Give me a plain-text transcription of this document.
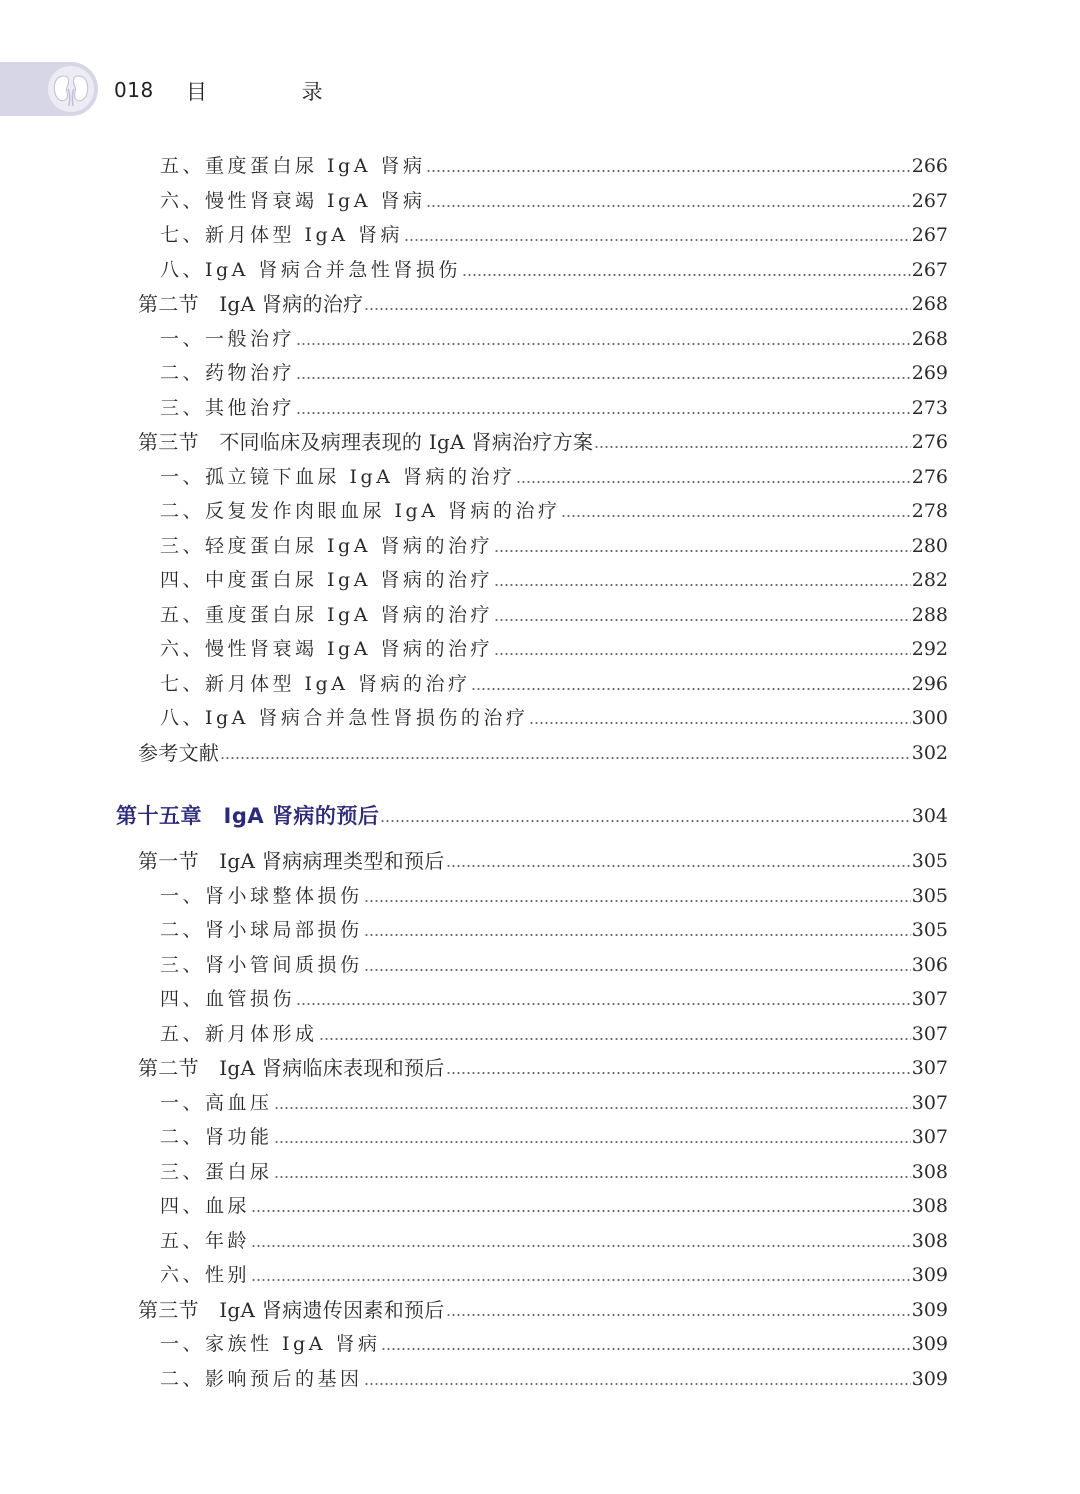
018 目 录
五、重度蛋白尿 IgA 肾病	266
六、慢性肾衰竭 IgA 肾病	267
七、新月体型 IgA 肾病	267
八、IgA 肾病合并急性肾损伤	267
第二节　IgA 肾病的治疗	268
一、一般治疗	268
二、药物治疗	269
三、其他治疗	273
第三节　不同临床及病理表现的 IgA 肾病治疗方案	276
一、孤立镜下血尿 IgA 肾病的治疗	276
二、反复发作肉眼血尿 IgA 肾病的治疗	278
三、轻度蛋白尿 IgA 肾病的治疗	280
四、中度蛋白尿 IgA 肾病的治疗	282
五、重度蛋白尿 IgA 肾病的治疗	288
六、慢性肾衰竭 IgA 肾病的治疗	292
七、新月体型 IgA 肾病的治疗	296
八、IgA 肾病合并急性肾损伤的治疗	300
参考文献	302
第十五章　IgA 肾病的预后	304
第一节　IgA 肾病病理类型和预后	305
一、肾小球整体损伤	305
二、肾小球局部损伤	305
三、肾小管间质损伤	306
四、血管损伤	307
五、新月体形成	307
第二节　IgA 肾病临床表现和预后	307
一、高血压	307
二、肾功能	307
三、蛋白尿	308
四、血尿	308
五、年龄	308
六、性别	309
第三节　IgA 肾病遗传因素和预后	309
一、家族性 IgA 肾病	309
二、影响预后的基因	309
